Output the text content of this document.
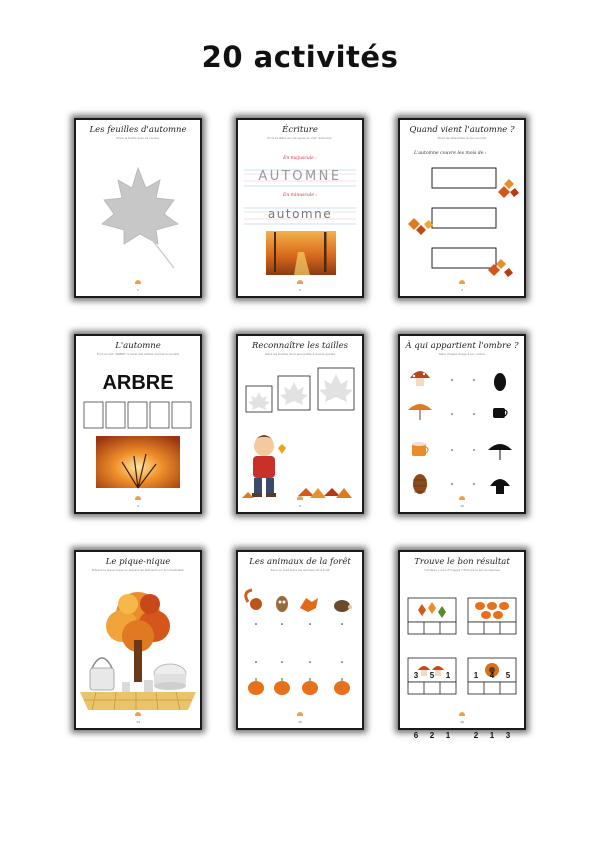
20 activités
Les feuilles d'automne
Peins la feuille avec sa couleur
1
Écriture
Écris ta lettre sur les lignes du mot "automne"
En majuscule :
AUTOMNE
En minuscule :
automne
2
Quand vient l'automne ?
Place les étiquettes au bon endroit
L'automne couvre les mois de :
3
L'automne
Écris le mot "ARBRE" à l'aide des lettres comme le modèle
ARBRE
4
Reconnaître les tailles
Place les feuilles de la plus petite à la plus grande
5
À qui appartient l'ombre ?
Relie chaque image à son ombre
10
Le pique-nique
Prépare le pique-nique en plaçant les éléments sur ton illustration
14
Les animaux de la forêt
Trace un trait entre les animaux et la forêt
15
Trouve le bon résultat
Combien y a-t-il d'images ? Entoure la bonne réponse
3 5 1	1 4 5
6 2 1	2 1 3
16
